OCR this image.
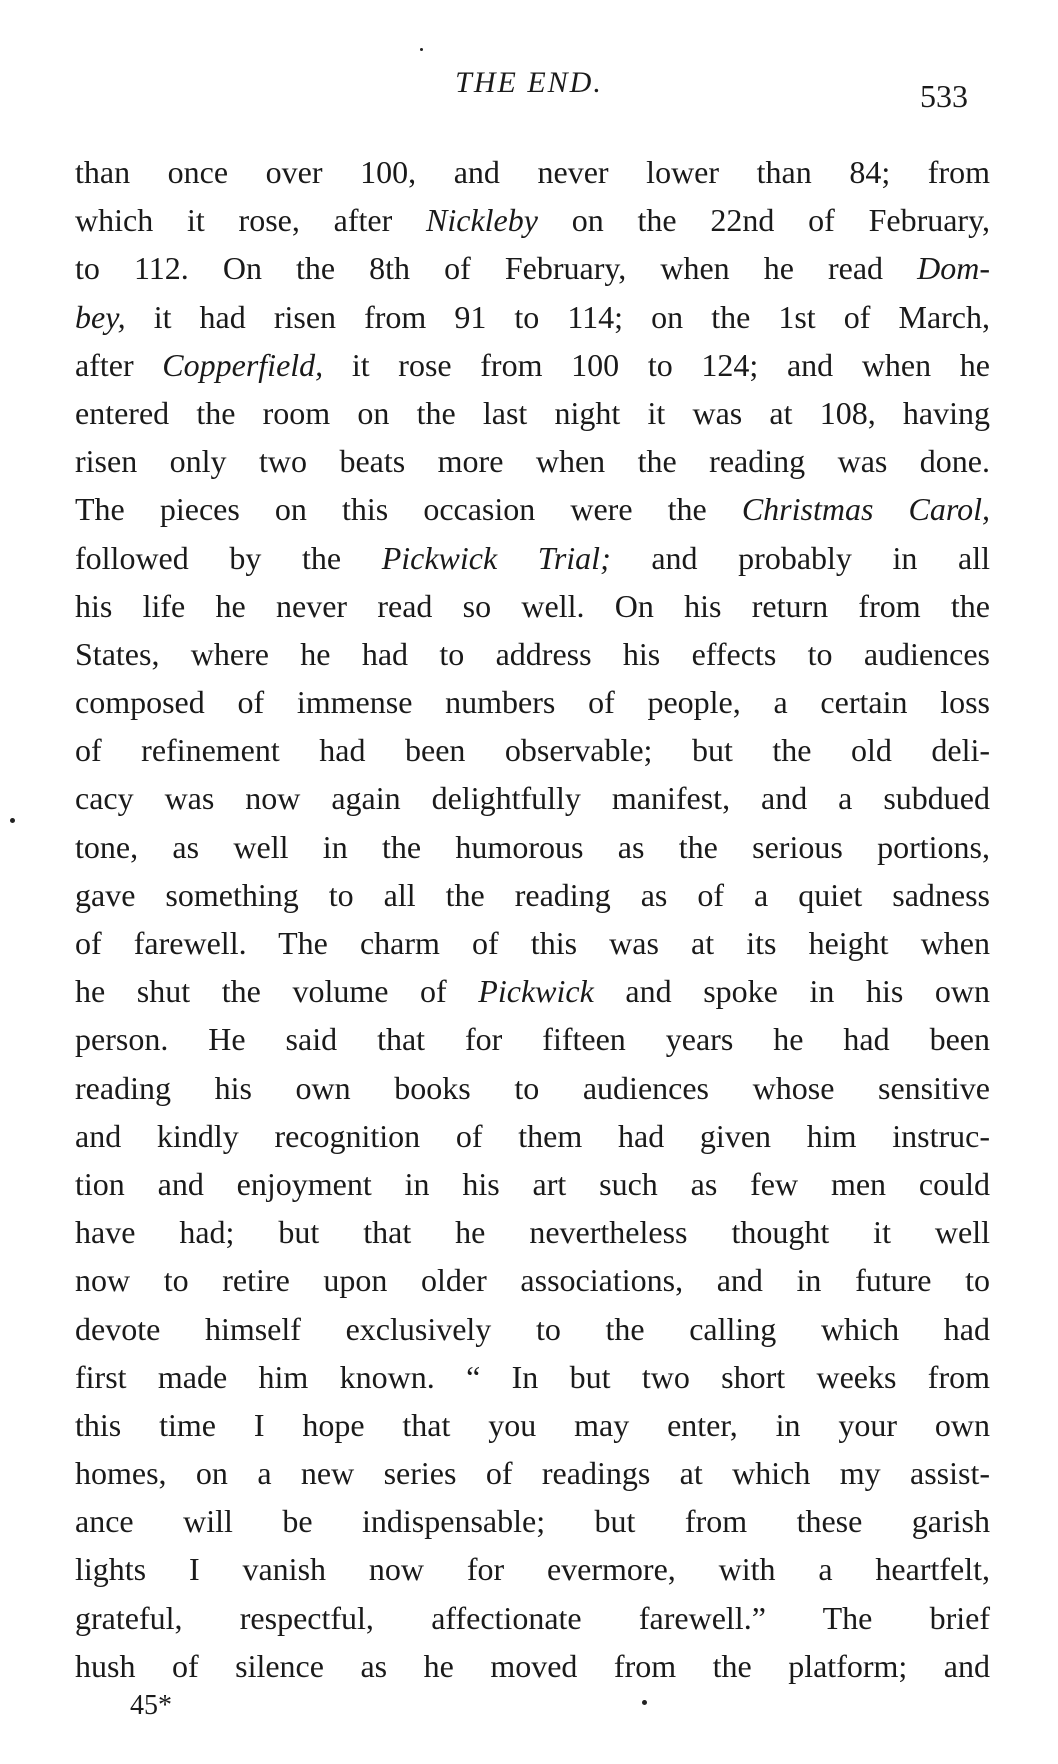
THE END.	533
than once over 100, and never lower than 84; from
which it rose, after Nickleby on the 22nd of February,
to 112. On the 8th of February, when he read Dom-
bey, it had risen from 91 to 114; on the 1st of March,
after Copperfield, it rose from 100 to 124; and when he
entered the room on the last night it was at 108, having
risen only two beats more when the reading was done.
The pieces on this occasion were the Christmas Carol,
followed by the Pickwick Trial; and probably in all
his life he never read so well. On his return from the
States, where he had to address his effects to audiences
composed of immense numbers of people, a certain loss
of refinement had been observable; but the old deli-
cacy was now again delightfully manifest, and a subdued
tone, as well in the humorous as the serious portions,
gave something to all the reading as of a quiet sadness
of farewell. The charm of this was at its height when
he shut the volume of Pickwick and spoke in his own
person. He said that for fifteen years he had been
reading his own books to audiences whose sensitive
and kindly recognition of them had given him instruc-
tion and enjoyment in his art such as few men could
have had; but that he nevertheless thought it well
now to retire upon older associations, and in future to
devote himself exclusively to the calling which had
first made him known. “ In but two short weeks from
this time I hope that you may enter, in your own
homes, on a new series of readings at which my assist-
ance will be indispensable; but from these garish
lights I vanish now for evermore, with a heartfelt,
grateful, respectful, affectionate farewell.” The brief
hush of silence as he moved from the platform; and
45*
